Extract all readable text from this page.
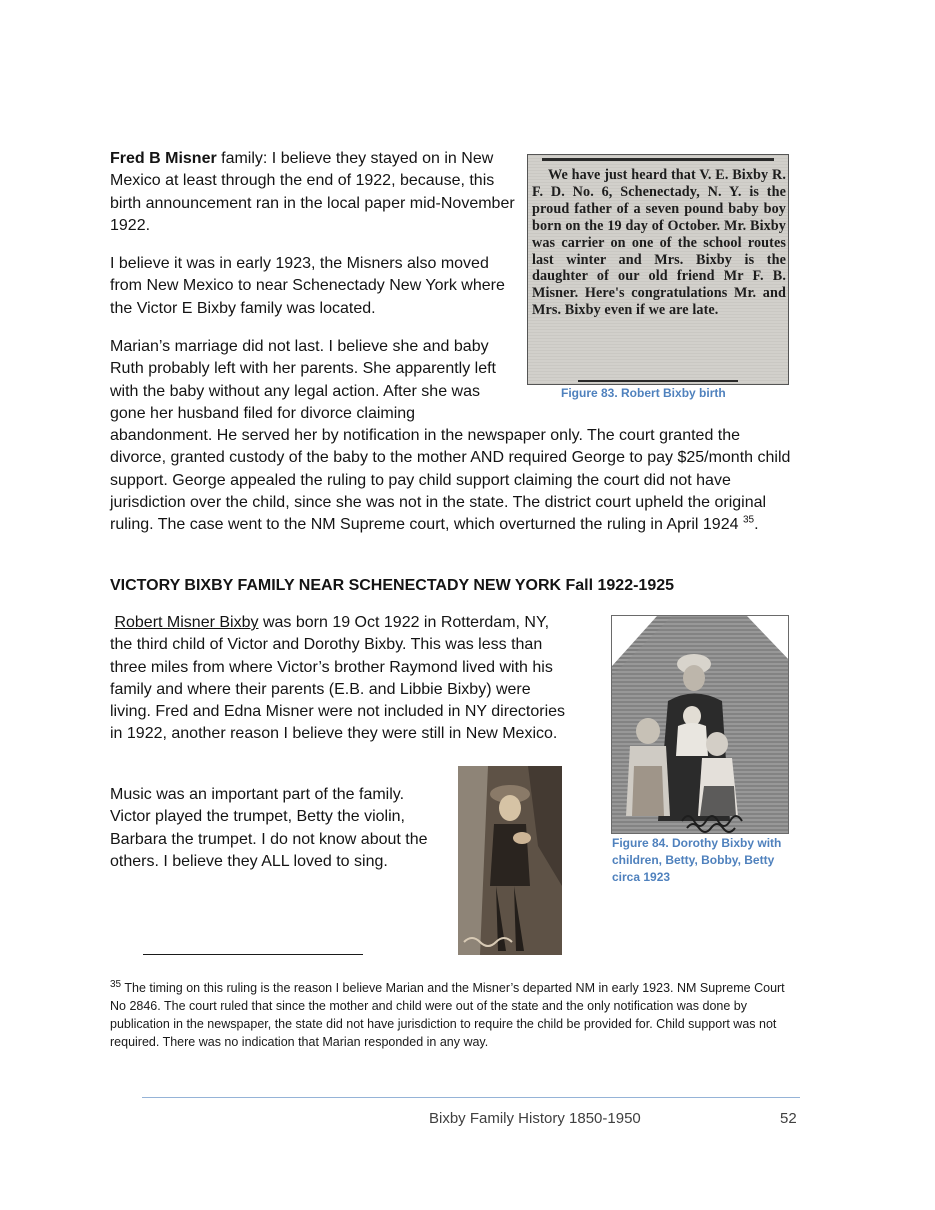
Fred B Misner family: I believe they stayed on in New Mexico at least through the end of 1922, because, this birth announcement ran in the local paper mid-November 1922.

I believe it was in early 1923, the Misners also moved from New Mexico to near Schenectady New York where the Victor E Bixby family was located.

Marian’s marriage did not last. I believe she and baby Ruth probably left with her parents. She apparently left with the baby without any legal action. After she was gone her husband filed for divorce claiming
abandonment. He served her by notification in the newspaper only. The court granted the divorce, granted custody of the baby to the mother AND required George to pay $25/month child support. George appealed the ruling to pay child support claiming the court did not have jurisdiction over the child, since she was not in the state. The district court upheld the original ruling. The case went to the NM Supreme court, which overturned the ruling in April 1924 $^{35}$.

We have just heard that V. E. Bixby R. F. D. No. 6, Schenectady, N. Y. is the proud father of a seven pound baby boy born on the 19 day of October. Mr. Bixby was carrier on one of the school routes last winter and Mrs. Bixby is the daughter of our old friend Mr F. B. Misner. Here's congratulations Mr. and Mrs. Bixby even if we are late.

Figure 83. Robert Bixby birth
VICTORY BIXBY FAMILY NEAR SCHENECTADY NEW YORK Fall 1922-1925

Robert Misner Bixby was born 19 Oct 1922 in Rotterdam, NY, the third child of Victor and Dorothy Bixby. This was less than three miles from where Victor’s brother Raymond lived with his family and where their parents (E.B. and Libbie Bixby) were living. Fred and Edna Misner were not included in NY directories in 1922, another reason I believe they were still in New Mexico.

Music was an important part of the family. Victor played the trumpet, Betty the violin, Barbara the trumpet. I do not know about the others. I believe they ALL loved to sing.

Figure 84. Dorothy Bixby with children, Betty, Bobby, Betty circa 1923

$^{35}$ The timing on this ruling is the reason I believe Marian and the Misner’s departed NM in early 1923. NM Supreme Court No 2846. The court ruled that since the mother and child were out of the state and the only notification was done by publication in the newspaper, the state did not have jurisdiction to require the child be provided for. Child support was not required. There was no indication that Marian responded in any way.

Bixby Family History 1850-1950	52
